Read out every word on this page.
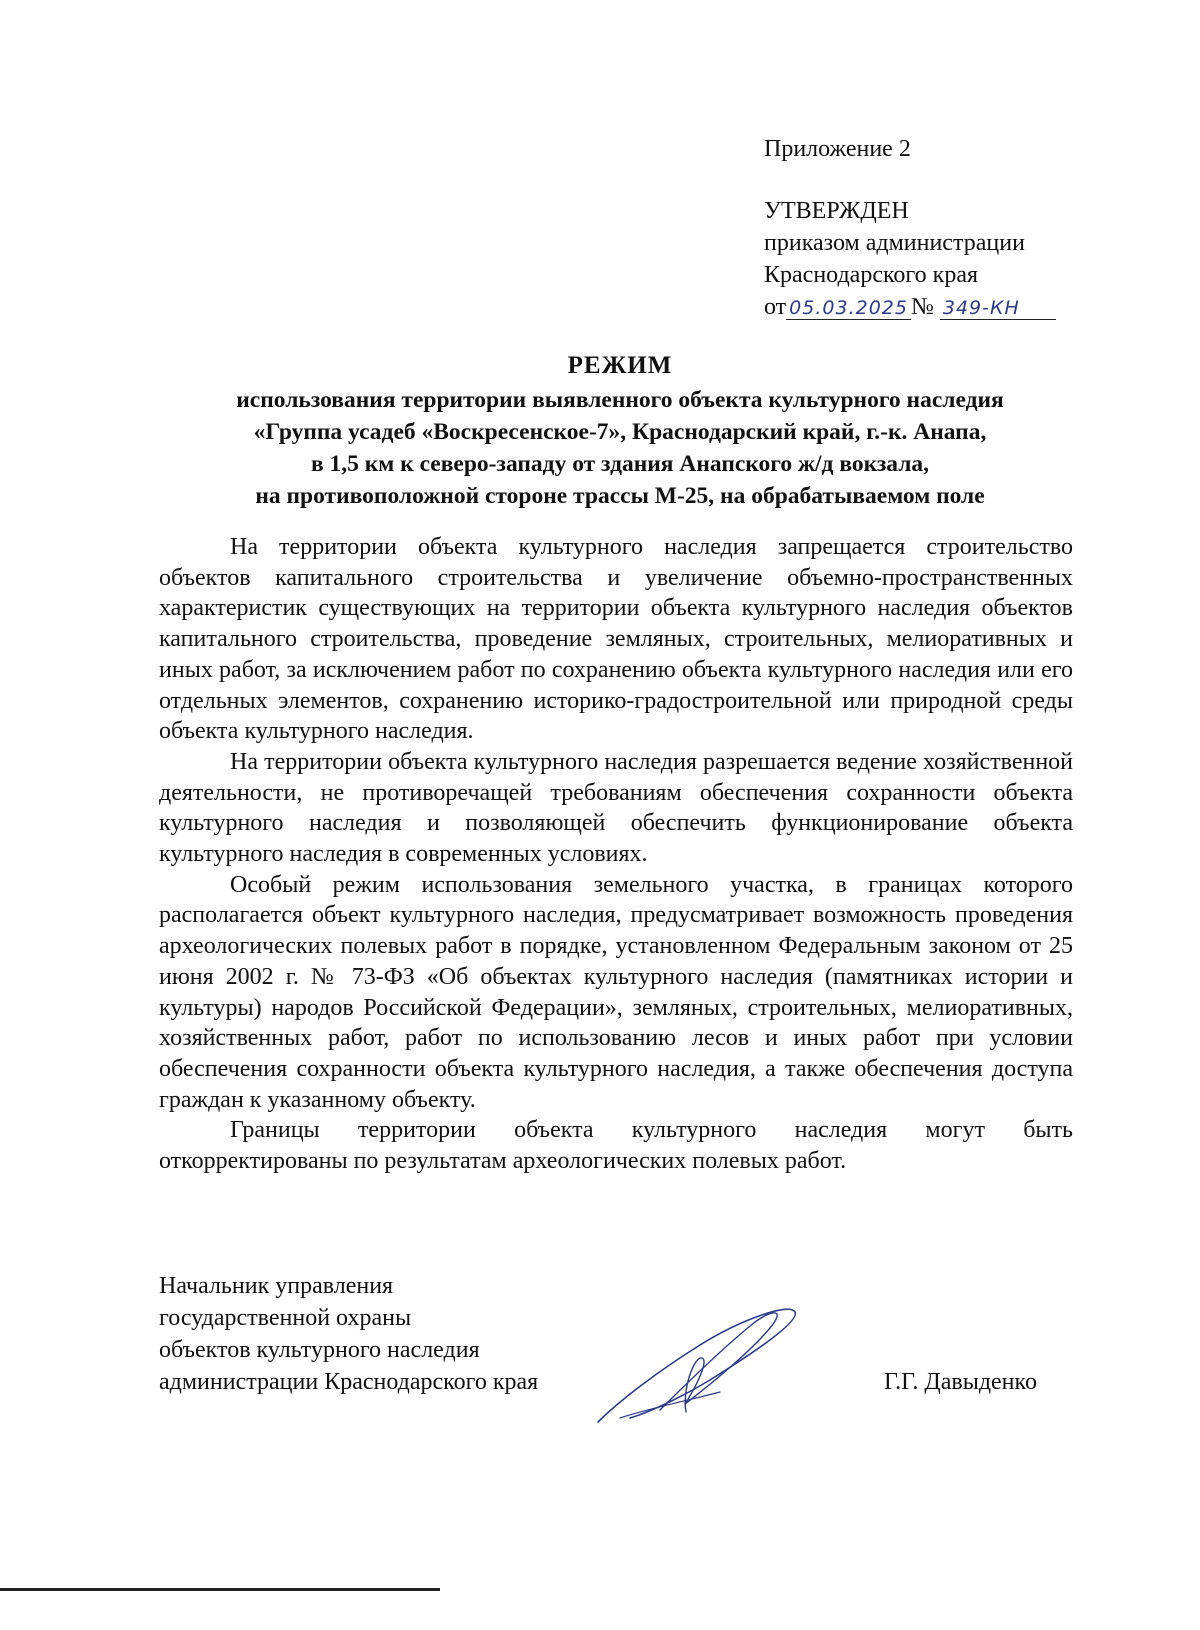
Приложение 2
УТВЕРЖДЕН
приказом администрации
Краснодарского края
от 05.03.2025 № 349-КН
РЕЖИМ
использования территории выявленного объекта культурного наследия
«Группа усадеб «Воскресенское-7», Краснодарский край, г.-к. Анапа,
в 1,5 км к северо-западу от здания Анапского ж/д вокзала,
на противоположной стороне трассы М-25, на обрабатываемом поле

На территории объекта культурного наследия запрещается строительство объектов капитального строительства и увеличение объемно-пространственных характеристик существующих на территории объекта культурного наследия объектов капитального строительства, проведение земляных, строительных, мелиоративных и иных работ, за исключением работ по сохранению объекта культурного наследия или его отдельных элементов, сохранению историко-градостроительной или природной среды объекта культурного наследия.

На территории объекта культурного наследия разрешается ведение хозяйственной деятельности, не противоречащей требованиям обеспечения сохранности объекта культурного наследия и позволяющей обеспечить функционирование объекта культурного наследия в современных условиях.

Особый режим использования земельного участка, в границах которого располагается объект культурного наследия, предусматривает возможность проведения археологических полевых работ в порядке, установленном Федеральным законом от 25 июня 2002 г. № 73-ФЗ «Об объектах культурного наследия (памятниках истории и культуры) народов Российской Федерации», земляных, строительных, мелиоративных, хозяйственных работ, работ по использованию лесов и иных работ при условии обеспечения сохранности объекта культурного наследия, а также обеспечения доступа граждан к указанному объекту.

Границы территории объекта культурного наследия могут быть откорректированы по результатам археологических полевых работ.

Начальник управления
государственной охраны
объектов культурного наследия
администрации Краснодарского края	Г.Г. Давыденко
